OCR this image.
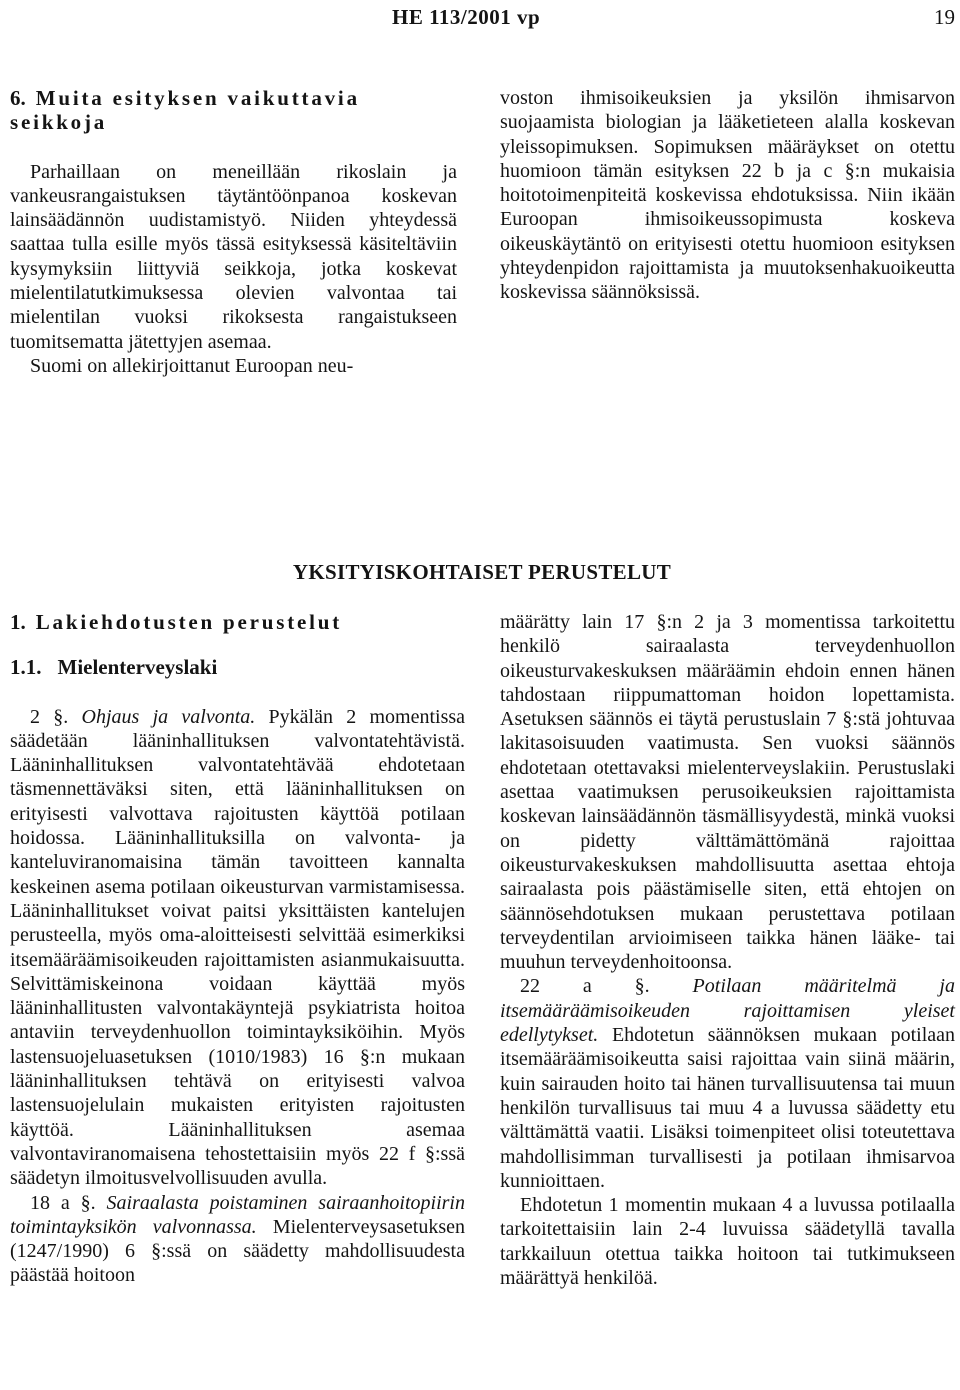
HE 113/2001 vp	19

6. Muita esityksen vaikuttavia seikkoja

Parhaillaan on meneillään rikoslain ja vankeusrangaistuksen täytäntöönpanoa koskevan lainsäädännön uudistamistyö. Niiden yhteydessä saattaa tulla esille myös tässä esityksessä käsiteltäviin kysymyksiin liittyviä seikkoja, jotka koskevat mielentilatutkimuksessa olevien valvontaa tai mielentilan vuoksi rikoksesta rangaistukseen tuomitsematta jätettyjen asemaa.

Suomi on allekirjoittanut Euroopan neu-

voston ihmisoikeuksien ja yksilön ihmisarvon suojaamista biologian ja lääketieteen alalla koskevan yleissopimuksen. Sopimuksen määräykset on otettu huomioon tämän esityksen 22 b ja c §:n mukaisia hoitotoimenpiteitä koskevissa ehdotuksissa. Niin ikään Euroopan ihmisoikeussopimusta koskeva oikeuskäytäntö on erityisesti otettu huomioon esityksen yhteydenpidon rajoittamista ja muutoksenhakuoikeutta koskevissa säännöksissä.

YKSITYISKOHTAISET PERUSTELUT

1. Lakiehdotusten perustelut

1.1. Mielenterveyslaki

2 §. Ohjaus ja valvonta. Pykälän 2 momentissa säädetään lääninhallituksen valvontatehtävistä. Lääninhallituksen valvontatehtävää ehdotetaan täsmennettäväksi siten, että lääninhallituksen on erityisesti valvottava rajoitusten käyttöä potilaan hoidossa. Lääninhallituksilla on valvonta- ja kanteluviranomaisina tämän tavoitteen kannalta keskeinen asema potilaan oikeusturvan varmistamisessa. Lääninhallitukset voivat paitsi yksittäisten kantelujen perusteella, myös oma-aloitteisesti selvittää esimerkiksi itsemääräämisoikeuden rajoittamisten asianmukaisuutta. Selvittämiskeinona voidaan käyttää myös lääninhallitusten valvontakäyntejä psykiatrista hoitoa antaviin terveydenhuollon toimintayksiköihin. Myös lastensuojeluasetuksen (1010/1983) 16 §:n mukaan lääninhallituksen tehtävä on erityisesti valvoa lastensuojelulain mukaisten erityisten rajoitusten käyttöä. Lääninhallituksen asemaa valvontaviranomaisena tehostettaisiin myös 22 f §:ssä säädetyn ilmoitusvelvollisuuden avulla.

18 a §. Sairaalasta poistaminen sairaanhoitopiirin toimintayksikön valvonnassa. Mielenterveysasetuksen (1247/1990) 6 §:ssä on säädetty mahdollisuudesta päästää hoitoon

määrätty lain 17 §:n 2 ja 3 momentissa tarkoitettu henkilö sairaalasta terveydenhuollon oikeusturvakeskuksen määräämin ehdoin ennen hänen tahdostaan riippumattoman hoidon lopettamista. Asetuksen säännös ei täytä perustuslain 7 §:stä johtuvaa lakitasoisuuden vaatimusta. Sen vuoksi säännös ehdotetaan otettavaksi mielenterveyslakiin. Perustuslaki asettaa vaatimuksen perusoikeuksien rajoittamista koskevan lainsäädännön täsmällisyydestä, minkä vuoksi on pidetty välttämättömänä rajoittaa oikeusturvakeskuksen mahdollisuutta asettaa ehtoja sairaalasta pois päästämiselle siten, että ehtojen on säännösehdotuksen mukaan perustettava potilaan terveydentilan arvioimiseen taikka hänen lääke- tai muuhun terveydenhoitoonsa.

22 a §. Potilaan määritelmä ja itsemääräämisoikeuden rajoittamisen yleiset edellytykset. Ehdotetun säännöksen mukaan potilaan itsemääräämisoikeutta saisi rajoittaa vain siinä määrin, kuin sairauden hoito tai hänen turvallisuutensa tai muun henkilön turvallisuus tai muu 4 a luvussa säädetty etu välttämättä vaatii. Lisäksi toimenpiteet olisi toteutettava mahdollisimman turvallisesti ja potilaan ihmisarvoa kunnioittaen.

Ehdotetun 1 momentin mukaan 4 a luvussa potilaalla tarkoitettaisiin lain 2-4 luvuissa säädetyllä tavalla tarkkailuun otettua taikka hoitoon tai tutkimukseen määrättyä henkilöä.
